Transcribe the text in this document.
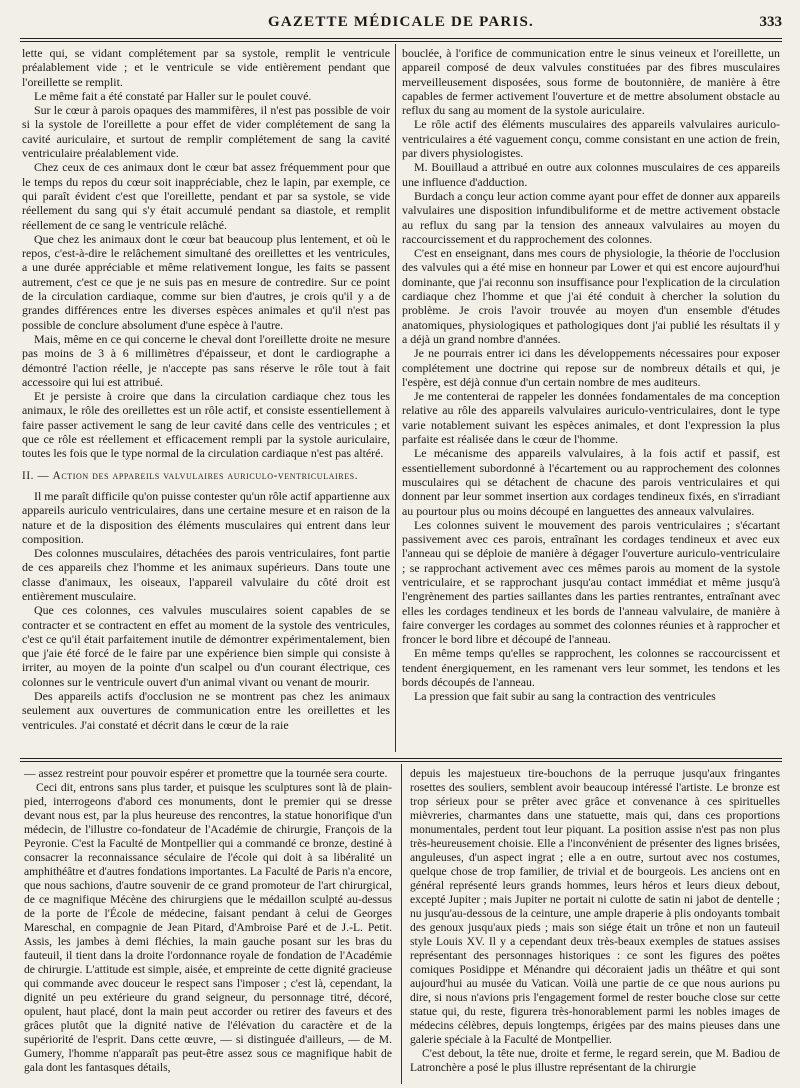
GAZETTE MÉDICALE DE PARIS.	333

lette qui, se vidant complétement par sa systole, remplit le ventricule préalablement vide ; et le ventricule se vide entièrement pendant que l'oreillette se remplit.

Le même fait a été constaté par Haller sur le poulet couvé.

Sur le cœur à parois opaques des mammifères, il n'est pas possible de voir si la systole de l'oreillette a pour effet de vider complétement de sang la cavité auriculaire, et surtout de remplir complétement de sang la cavité ventriculaire préalablement vide.

Chez ceux de ces animaux dont le cœur bat assez fréquemment pour que le temps du repos du cœur soit inappréciable, chez le lapin, par exemple, ce qui paraît évident c'est que l'oreillette, pendant et par sa systole, se vide réellement du sang qui s'y était accumulé pendant sa diastole, et remplit réellement de ce sang le ventricule relâché.

Que chez les animaux dont le cœur bat beaucoup plus lentement, et où le repos, c'est-à-dire le relâchement simultané des oreillettes et les ventricules, a une durée appréciable et même relativement longue, les faits se passent autrement, c'est ce que je ne suis pas en mesure de contredire. Sur ce point de la circulation cardiaque, comme sur bien d'autres, je crois qu'il y a de grandes différences entre les diverses espèces animales et qu'il n'est pas possible de conclure absolument d'une espèce à l'autre.

Mais, même en ce qui concerne le cheval dont l'oreillette droite ne mesure pas moins de 3 à 6 millimètres d'épaisseur, et dont le cardiographe a démontré l'action réelle, je n'accepte pas sans réserve le rôle tout à fait accessoire qui lui est attribué.

Et je persiste à croire que dans la circulation cardiaque chez tous les animaux, le rôle des oreillettes est un rôle actif, et consiste essentiellement à faire passer activement le sang de leur cavité dans celle des ventricules ; et que ce rôle est réellement et efficacement rempli par la systole auriculaire, toutes les fois que le type normal de la circulation cardiaque n'est pas altéré.

II. — Action des appareils valvulaires auriculo-ventriculaires.

Il me paraît difficile qu'on puisse contester qu'un rôle actif appartienne aux appareils auriculo ventriculaires, dans une certaine mesure et en raison de la nature et de la disposition des éléments musculaires qui entrent dans leur composition.

Des colonnes musculaires, détachées des parois ventriculaires, font partie de ces appareils chez l'homme et les animaux supérieurs. Dans toute une classe d'animaux, les oiseaux, l'appareil valvulaire du côté droit est entièrement musculaire.

Que ces colonnes, ces valvules musculaires soient capables de se contracter et se contractent en effet au moment de la systole des ventricules, c'est ce qu'il était parfaitement inutile de démontrer expérimentalement, bien que j'aie été forcé de le faire par une expérience bien simple qui consiste à irriter, au moyen de la pointe d'un scalpel ou d'un courant électrique, ces colonnes sur le ventricule ouvert d'un animal vivant ou venant de mourir.

Des appareils actifs d'occlusion ne se montrent pas chez les animaux seulement aux ouvertures de communication entre les oreillettes et les ventricules. J'ai constaté et décrit dans le cœur de la raie

bouclée, à l'orifice de communication entre le sinus veineux et l'oreillette, un appareil composé de deux valvules constituées par des fibres musculaires merveilleusement disposées, sous forme de boutonnière, de manière à être capables de fermer activement l'ouverture et de mettre absolument obstacle au reflux du sang au moment de la systole auriculaire.

Le rôle actif des éléments musculaires des appareils valvulaires auriculo-ventriculaires a été vaguement conçu, comme consistant en une action de frein, par divers physiologistes.

M. Bouillaud a attribué en outre aux colonnes musculaires de ces appareils une influence d'adduction.

Burdach a conçu leur action comme ayant pour effet de donner aux appareils valvulaires une disposition infundibuliforme et de mettre activement obstacle au reflux du sang par la tension des anneaux valvulaires au moyen du raccourcissement et du rapprochement des colonnes.

C'est en enseignant, dans mes cours de physiologie, la théorie de l'occlusion des valvules qui a été mise en honneur par Lower et qui est encore aujourd'hui dominante, que j'ai reconnu son insuffisance pour l'explication de la circulation cardiaque chez l'homme et que j'ai été conduit à chercher la solution du problème. Je crois l'avoir trouvée au moyen d'un ensemble d'études anatomiques, physiologiques et pathologiques dont j'ai publié les résultats il y a déjà un grand nombre d'années.

Je ne pourrais entrer ici dans les développements nécessaires pour exposer complétement une doctrine qui repose sur de nombreux détails et qui, je l'espère, est déjà connue d'un certain nombre de mes auditeurs.

Je me contenterai de rappeler les données fondamentales de ma conception relative au rôle des appareils valvulaires auriculo-ventriculaires, dont le type varie notablement suivant les espèces animales, et dont l'expression la plus parfaite est réalisée dans le cœur de l'homme.

Le mécanisme des appareils valvulaires, à la fois actif et passif, est essentiellement subordonné à l'écartement ou au rapprochement des colonnes musculaires qui se détachent de chacune des parois ventriculaires et qui donnent par leur sommet insertion aux cordages tendineux fixés, en s'irradiant au pourtour plus ou moins découpé en languettes des anneaux valvulaires.

Les colonnes suivent le mouvement des parois ventriculaires ; s'écartant passivement avec ces parois, entraînant les cordages tendineux et avec eux l'anneau qui se déploie de manière à dégager l'ouverture auriculo-ventriculaire ; se rapprochant activement avec ces mêmes parois au moment de la systole ventriculaire, et se rapprochant jusqu'au contact immédiat et même jusqu'à l'engrènement des parties saillantes dans les parties rentrantes, entraînant avec elles les cordages tendineux et les bords de l'anneau valvulaire, de manière à faire converger les cordages au sommet des colonnes réunies et à rapprocher et froncer le bord libre et découpé de l'anneau.

En même temps qu'elles se rapprochent, les colonnes se raccourcissent et tendent énergiquement, en les ramenant vers leur sommet, les tendons et les bords découpés de l'anneau.

La pression que fait subir au sang la contraction des ventricules

— assez restreint pour pouvoir espérer et promettre que la tournée sera courte.

Ceci dit, entrons sans plus tarder, et puisque les sculptures sont là de plain-pied, interrogeons d'abord ces monuments, dont le premier qui se dresse devant nous est, par la plus heureuse des rencontres, la statue honorifique d'un médecin, de l'illustre co-fondateur de l'Académie de chirurgie, François de la Peyronie. C'est la Faculté de Montpellier qui a commandé ce bronze, destiné à consacrer la reconnaissance séculaire de l'école qui doit à sa libéralité un amphithéâtre et d'autres fondations importantes. La Faculté de Paris n'a encore, que nous sachions, d'autre souvenir de ce grand promoteur de l'art chirurgical, de ce magnifique Mécène des chirurgiens que le médaillon sculpté au-dessus de la porte de l'École de médecine, faisant pendant à celui de Georges Mareschal, en compagnie de Jean Pitard, d'Ambroise Paré et de J.-L. Petit. Assis, les jambes à demi fléchies, la main gauche posant sur les bras du fauteuil, il tient dans la droite l'ordonnance royale de fondation de l'Académie de chirurgie. L'attitude est simple, aisée, et empreinte de cette dignité gracieuse qui commande avec douceur le respect sans l'imposer ; c'est là, cependant, la dignité un peu extérieure du grand seigneur, du personnage titré, décoré, opulent, haut placé, dont la main peut accorder ou retirer des faveurs et des grâces plutôt que la dignité native de l'élévation du caractère et de la supériorité de l'esprit. Dans cette œuvre, — si distinguée d'ailleurs, — de M. Gumery, l'homme n'apparaît pas peut-être assez sous ce magnifique habit de gala dont les fantasques détails,

depuis les majestueux tire-bouchons de la perruque jusqu'aux fringantes rosettes des souliers, semblent avoir beaucoup intéressé l'artiste. Le bronze est trop sérieux pour se prêter avec grâce et convenance à ces spirituelles mièvreries, charmantes dans une statuette, mais qui, dans ces proportions monumentales, perdent tout leur piquant. La position assise n'est pas non plus très-heureusement choisie. Elle a l'inconvénient de présenter des lignes brisées, anguleuses, d'un aspect ingrat ; elle a en outre, surtout avec nos costumes, quelque chose de trop familier, de trivial et de bourgeois. Les anciens ont en général représenté leurs grands hommes, leurs héros et leurs dieux debout, excepté Jupiter ; mais Jupiter ne portait ni culotte de satin ni jabot de dentelle ; nu jusqu'au-dessous de la ceinture, une ample draperie à plis ondoyants tombait des genoux jusqu'aux pieds ; mais son siége était un trône et non un fauteuil style Louis XV. Il y a cependant deux très-beaux exemples de statues assises représentant des personnages historiques : ce sont les figures des poëtes comiques Posidippe et Ménandre qui décoraient jadis un théâtre et qui sont aujourd'hui au musée du Vatican. Voilà une partie de ce que nous aurions pu dire, si nous n'avions pris l'engagement formel de rester bouche close sur cette statue qui, du reste, figurera très-honorablement parmi les nobles images de médecins célèbres, depuis longtemps, érigées par des mains pieuses dans une galerie spéciale à la Faculté de Montpellier.

C'est debout, la tête nue, droite et ferme, le regard serein, que M. Badiou de Latronchère a posé le plus illustre représentant de la chirurgie
